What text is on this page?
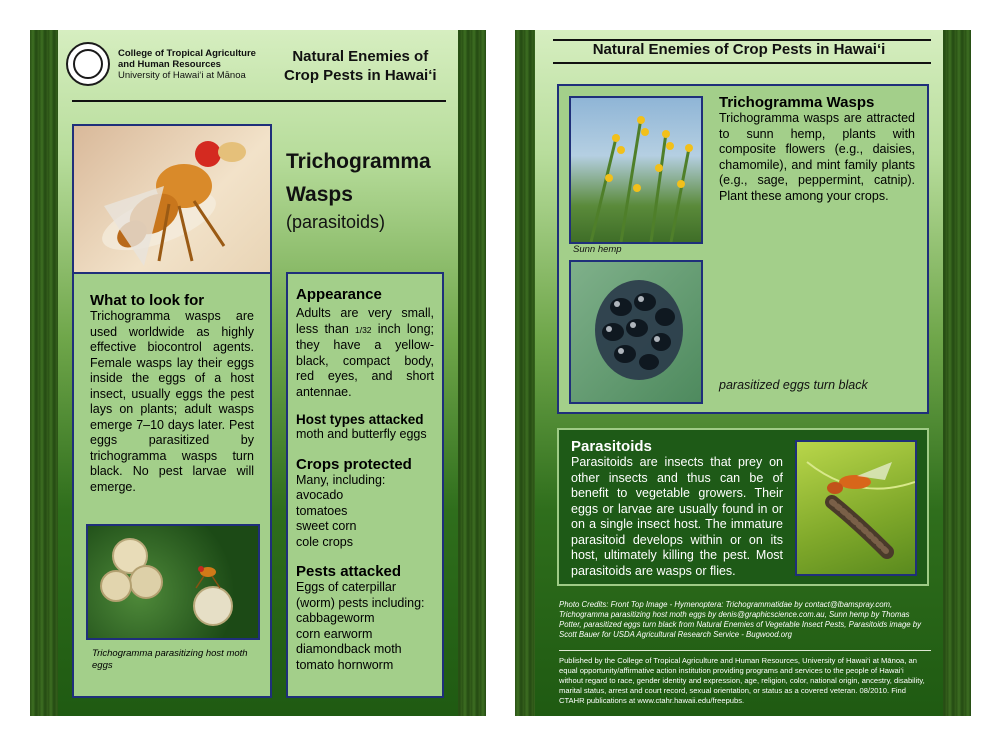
College of Tropical Agriculture
and Human Resources
University of Hawai‘i at Mānoa
Natural Enemies of
Crop Pests in Hawai‘i
Trichogramma
Wasps
(parasitoids)
What to look for
Trichogramma wasps are used worldwide as highly effective biocontrol agents. Female wasps lay their eggs inside the eggs of a host insect, usually eggs the pest lays on plants; adult wasps emerge 7–10 days later. Pest eggs parasitized by trichogramma wasps turn black. No pest larvae will emerge.
Trichogramma parasitizing host moth eggs
Appearance
Adults are very small, less than 1/32 inch long; they have a yellow-black, compact body, red eyes, and short antennae.
Host types attacked
moth and butterfly eggs
Crops protected
Many, including:
avocado
tomatoes
sweet corn
cole crops
Pests attacked
Eggs of caterpillar (worm) pests including:
cabbageworm
corn earworm
diamondback moth
tomato hornworm
Natural Enemies of Crop Pests in Hawai‘i
Sunn hemp
Trichogramma Wasps
Trichogramma wasps are attracted to sunn hemp, plants with composite flowers (e.g., daisies, chamomile), and mint family plants (e.g., sage, peppermint, catnip). Plant these among your crops.
parasitized eggs turn black
Parasitoids
Parasitoids are insects that prey on other insects and thus can be of benefit to vegetable growers. Their eggs or larvae are usually found in or on a single insect host. The immature parasitoid develops within or on its host, ultimately killing the pest. Most parasitoids are wasps or flies.
Photo Credits: Front Top Image - Hymenoptera: Trichogrammatidae by contact@lbamspray.com, Trichogramma parasitizing host moth eggs by denis@graphicscience.com.au, Sunn hemp by Thomas Potter, parasitized eggs turn black from Natural Enemies of Vegetable Insect Pests, Parasitoids image by Scott Bauer for USDA Agricultural Research Service - Bugwood.org
Published by the College of Tropical Agriculture and Human Resources, University of Hawai‘i at Mānoa, an equal opportunity/affirmative action institution providing programs and services to the people of Hawai‘i without regard to race, gender identity and expression, age, religion, color, national origin, ancestry, disability, marital status, arrest and court record, sexual orientation, or status as a covered veteran. 08/2010. Find CTAHR publications at www.ctahr.hawaii.edu/freepubs.
